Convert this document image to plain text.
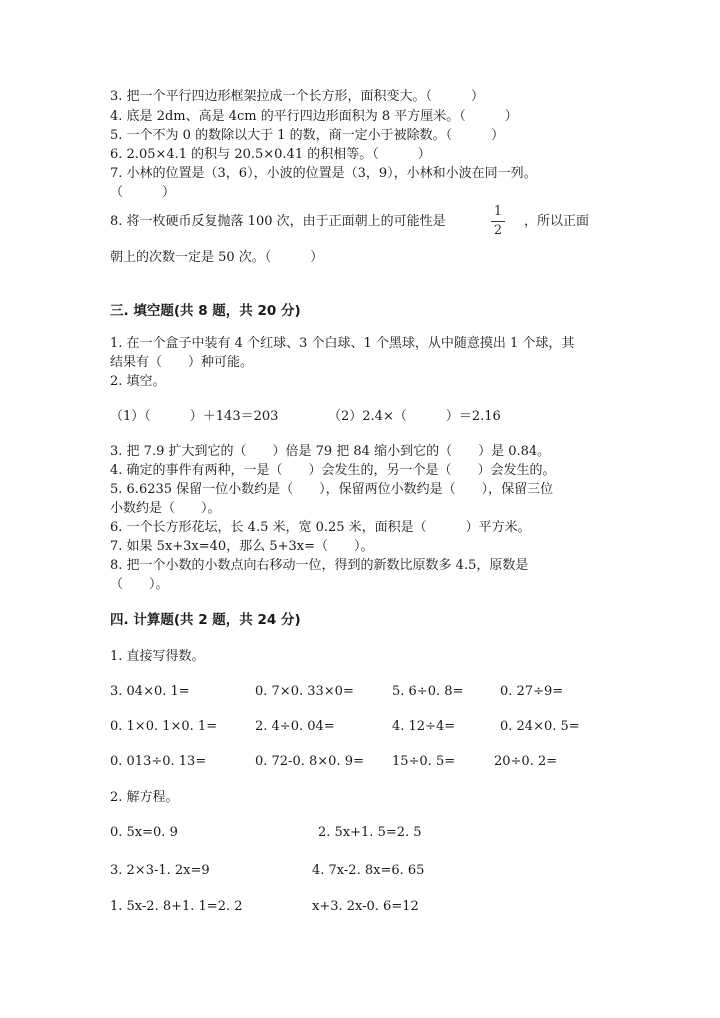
3. 把一个平行四边形框架拉成一个长方形，面积变大。（　　　）
4. 底是 2dm、高是 4cm 的平行四边形面积为 8 平方厘米。（　　　）
5. 一个不为 0 的数除以大于 1 的数，商一定小于被除数。（　　　）
6. 2.05×4.1 的积与 20.5×0.41 的积相等。（　　　）
7. 小林的位置是（3，6），小波的位置是（3，9），小林和小波在同一列。
（　　　）
8. 将一枚硬币反复抛落 100 次，由于正面朝上的可能性是
1
2
，所以正面
朝上的次数一定是 50 次。（　　　）
三. 填空题(共 8 题，共 20 分)
1. 在一个盒子中装有 4 个红球、3 个白球、1 个黑球，从中随意摸出 1 个球，其
结果有（　　）种可能。
2. 填空。
（1）（　　　）＋143＝203	（2）2.4×（　　　）＝2.16
3. 把 7.9 扩大到它的（　　）倍是 79 把 84 缩小到它的（　　）是 0.84。
4. 确定的事件有两种，一是（　　）会发生的，另一个是（　　）会发生的。
5. 6.6235 保留一位小数约是（　　），保留两位小数约是（　　），保留三位
小数约是（　　）。
6. 一个长方形花坛，长 4.5 米，宽 0.25 米，面积是（　　　）平方米。
7. 如果 5x+3x=40，那么 5+3x=（　　）。
8. 把一个小数的小数点向右移动一位，得到的新数比原数多 4.5，原数是
（　　）。
四. 计算题(共 2 题，共 24 分)
1. 直接写得数。
3. 04×0. 1=	0. 7×0. 33×0=	5. 6÷0. 8=	0. 27÷9=
0. 1×0. 1×0. 1=	2. 4÷0. 04=	4. 12÷4=	0. 24×0. 5=
0. 013÷0. 13=	0. 72-0. 8×0. 9= 15÷0. 5=	20÷0. 2=
2. 解方程。
0. 5x=0. 9	2. 5x+1. 5=2. 5
3. 2×3-1. 2x=9	4. 7x-2. 8x=6. 65
1. 5x-2. 8+1. 1=2. 2	x+3. 2x-0. 6=12
